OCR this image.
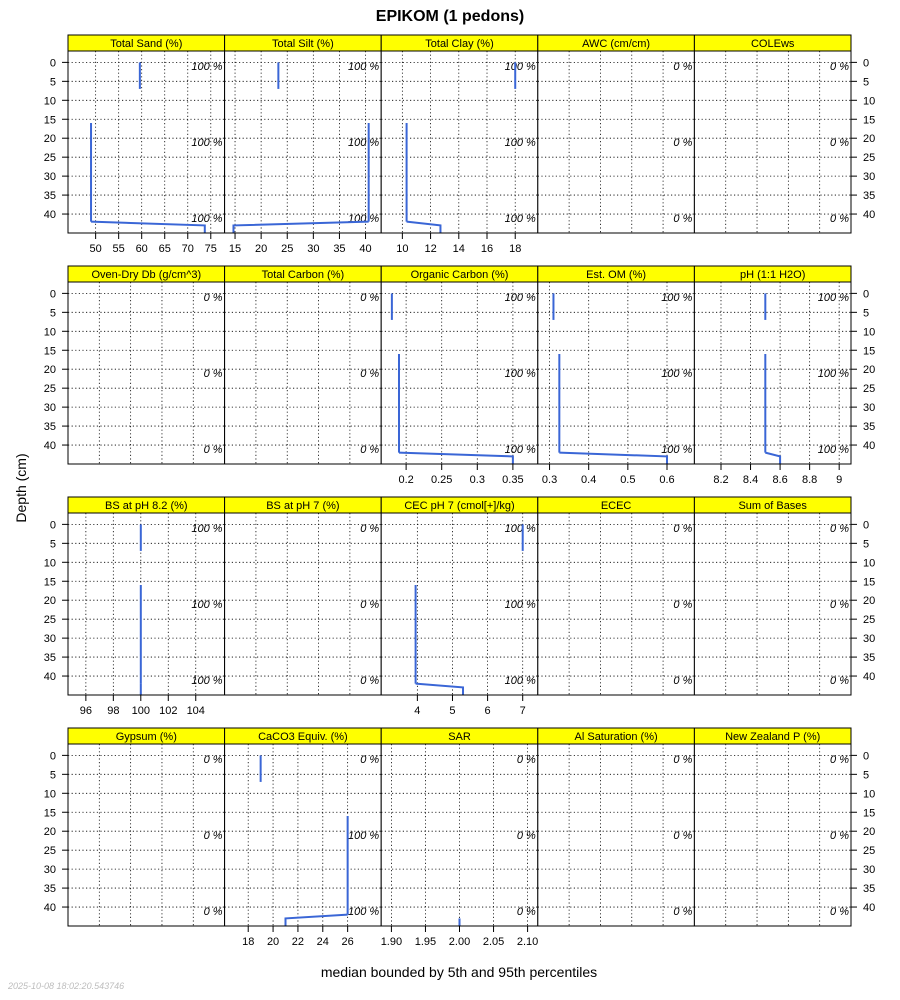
EPIKOM (1 pedons)
Depth (cm)
median bounded by 5th and 95th percentiles
2025-10-08 18:02:20.543746
Total Sand (%)
100 %
100 %
100 %
50 55 60 65 70 75
Total Silt (%)
100 %
100 %
100 %
15 20 25 30 35 40
Total Clay (%)
100 %
100 %
100 %
10 12 14 16 18
AWC (cm/cm)
0 %
0 %
0 %
COLEws
0 %
0 %
0 %
Oven-Dry Db (g/cm^3)
0 %
0 %
0 %
Total Carbon (%)
0 %
0 %
0 %
Organic Carbon (%)
100 %
100 %
100 %
0.2 0.25 0.3 0.35
Est. OM (%)
100 %
100 %
100 %
0.3 0.4 0.5 0.6
pH (1:1 H2O)
100 %
100 %
100 %
8.2 8.4 8.6 8.8 9
BS at pH 8.2 (%)
100 %
100 %
100 %
96 98 100 102 104
BS at pH 7 (%)
0 %
0 %
0 %
CEC pH 7 (cmol[+]/kg)
100 %
100 %
100 %
4	5	6	7
ECEC
0 %
0 %
0 %
Sum of Bases
0 %
0 %
0 %
Gypsum (%)
0 %
0 %
0 %
CaCO3 Equiv. (%)
0 %
100 %
100 %
18 20 22 24 26
SAR
0 %
0 %
0 %
1.90 1.95 2.00 2.05 2.10
Al Saturation (%)
0 %
0 %
0 %
New Zealand P (%)
0 %
0 %
0 %
0	0
5	5
10	10
15	15
20	20
25	25
30	30
35	35
40	40
0	0
5	5
10	10
15	15
20	20
25	25
30	30
35	35
40	40
0	0
5	5
10	10
15	15
20	20
25	25
30	30
35	35
40	40
0	0
5	5
10	10
15	15
20	20
25	25
30	30
35	35
40	40
